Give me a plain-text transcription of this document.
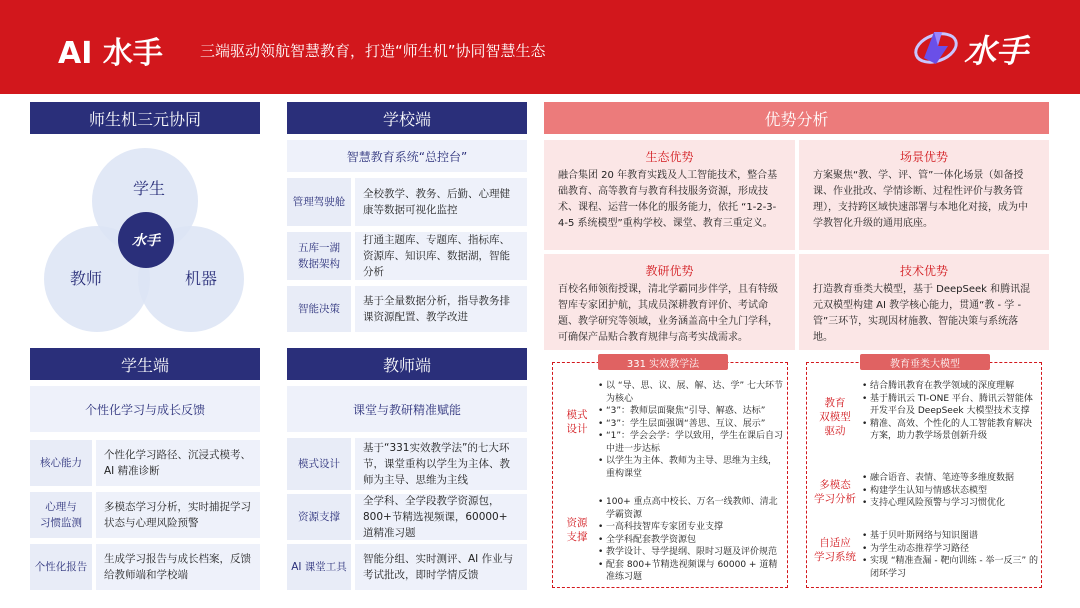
AI 水手 三端驱动领航智慧教育，打造“师生机”协同智慧生态	水手
师生机三元协同
学生
教师	机器
水手
学生端
个性化学习与成长反馈
核心能力
个性化学习路径、沉浸式模考、AI 精准诊断
心理与
习惯监测
多模态学习分析，实时捕捉学习状态与心理风险预警
个性化报告
生成学习报告与成长档案，反馈给教师端和学校端
学校端
智慧教育系统“总控台”
管理驾驶舱
全校教学、教务、后勤、心理健康等数据可视化监控
五库一湖
数据架构
打通主题库、专题库、指标库、资源库、知识库、数据湖，智能分析
智能决策
基于全量数据分析，指导教务排课资源配置、教学改进
教师端
课堂与教研精准赋能
模式设计
基于“331实效教学法”的七大环节，课堂重构以学生为主体、教师为主导、思维为主线
资源支撑
全学科、全学段教学资源包，800+节精选视频课，60000+ 道精准习题
AI 课堂工具
智能分组、实时测评、AI 作业与考试批改，即时学情反馈
优势分析
生态优势
融合集团 20 年教育实践及人工智能技术，整合基础教育、高等教育与教育科技服务资源，形成技术、课程、运营一体化的服务能力，依托 “1-2-3-4-5 系统模型”重构学校、课堂、教育三重定义。
场景优势
方案聚焦“教、学、评、管”一体化场景（如备授课、作业批改、学情诊断、过程性评价与教务管理），支持跨区域快速部署与本地化对接，成为中学教智化升级的通用底座。
教研优势
百校名师领衔授课，清北学霸同步伴学，且有特级智库专家团护航，其成员深耕教育评价、考试命题、教学研究等领域，业务涵盖高中全九门学科，可确保产品贴合教育规律与高考实战需求。
技术优势
打造教育垂类大模型，基于 DeepSeek 和腾讯混元双模型构建 AI 教学核心能力，贯通“教 - 学 - 管”三环节，实现因材施教、智能决策与系统落地。
331 实效教学法
模式
设计
• 以 “导、思、议、展、解、达、学” 七大环节为核心
• “3”：教师层面聚焦“引导、解惑、达标”
• “3”：学生层面强调“善思、互议、展示”
• “1”：学会会学：学以致用，学生在课后自习中进一步达标
• 以学生为主体、教师为主导、思维为主线，重构课堂
资源
支撑
• 100+ 重点高中校长、万名一线教师、清北学霸资源
• 一高科技智库专家团专业支撑
• 全学科配套教学资源包
• 教学设计、导学提纲、限时习题及评价规范
• 配套 800+节精选视频课与 60000 + 道精准练习题
教育垂类大模型
教育
双模型
驱动
• 结合腾讯教育在教学领域的深度理解
• 基于腾讯云 TI-ONE 平台、腾讯云智能体开发平台及 DeepSeek 大模型技术支撑
• 精准、高效、个性化的人工智能教育解决方案，助力教学场景创新升级
多模态
学习分析
• 融合语音、表情、笔迹等多维度数据
• 构建学生认知与情感状态模型
• 支持心理风险预警与学习习惯优化
自适应
学习系统
• 基于贝叶斯网络与知识图谱
• 为学生动态推荐学习路径
• 实现 “精准查漏 - 靶向训练 - 举一反三” 的闭环学习
